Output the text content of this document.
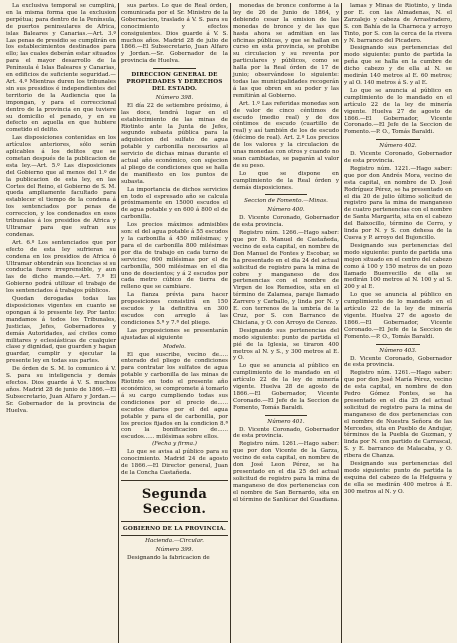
La exclusiva temporal se cumplirá, en la misma forma que la exclusion perpétua; para dentro de la Península, de puertos peninsulares de Africa, islas Baleares y Canarias.—Art. 3.º Las penas de presidio se cumplirán en los establecimientos destinados para ello; las cuales deberán estar situados para el mayor desarrollo de la Península é Islas Baleares y Canarias, en edificios de suficiente seguridad.—Art. 4.º Mientras duren los tribunales sin sus presidios é independientes del territorio de la Audiencia que la impongan, y para el correccional dentro de la provincia en que tuviere su domicilio el penado, y en su defecto en aquella en que hubiere cometido el delito.

Las disposiciones contenidas en los artículos anteriores, sólo serán aplicables á los delitos que se cometan después de la publicacion de esta ley.—Art. 5.º Las disposiciones del Gobierno que al menos del 1.º de la publicacion de esta ley, en las Cortes del Reino, el Gobierno de S. M. queda ampliamente facultado para establecer el tiempo de la condena á los sentenciados por penas de correccion, y los condenados en esos tribunales á los presidios de Africa y Ultramar para que sufran sus condenas.

Art. 6.º Los sentenciados que por efecto de esta ley sufrieran su condena en los presidios de Africa ó Ultramar obtendrán sus licencias si su conducta fuere irreprensible, y aun las de dicho mando.—Art. 7.º El Gobierno podrá utilizar el trabajo de los sentenciados á trabajos públicos.

Quedan derogadas todas las disposiciones vigentes en cuanto se opongan á lo presente ley. Por tanto: mandamos á todos los Tribunales, Justicias, Jefes, Gobernadores y demás Autoridades, así civiles como militares y eclesiásticas de cualquier clase y dignidad, que guarden y hagan guardar, cumplir y ejecutar la presente ley en todas sus partes.

De órden de S. M. lo comunico á V. S. para su inteligencia y demás efectos. Dios guarde á V. S. muchos años. Madrid 28 de junio de 1866.—El Subsecretario, Juan Alfaro y Jordan.—Sr. Gobernador de la provincia de Huelva.

sus partes. Lo que de Real órden, comunicada por el Sr. Ministro de la Gobernacion, traslado á V. S. para su conocimiento y efectos consiguientes. Dios guarde á V. S. muchos años. Madrid 28 de julio de 1866.—El Subsecretario, Juan Alfaro y Jordan.—Sr. Gobernador de la provincia de Huelva.

DIRECCION GENERAL DE PROPIEDADES Y DERECHOS DEL ESTADO.

Número 398.

El día 22 de setiembre próximo, á las doce, tendrá lugar en el establecimiento de las minas de Riotinto ante la Junta de Jefes, segundo subasta pública para la adquisicion del sulfato de agua potable y carbonilla necesarios al servicio de dichas minas durante el actual año económico, con sujecion al pliego de condiciones que se halla de manifiesto en los puntos de subasta.

La importancia de dichos servicios en todo el espresado año se calcula próximamente en 15000 escudos el de agua potable y en 600 á 800 el de carbonilla.

Los precios máximos admisibles son: el del agua potable á 55 escudos y la carbonilla á 450 milésimas; y para el de carbonilla 800 milésimas por dia de trabajo en cada turno de servicios; 600 milésimas por el de carbonilla, 500 milésimas en el dia uno de doscientos; y á 2 escudos por cada metro cúbico de tierra de relleno que se cambiare.

La fianza prévia para hacer proposiciones consistirá en 150 escudos y la definitiva en 300 escudos con arreglo á las condiciones 5.ª y 7.ª del pliego.

Las proposiciones se presentarán ajustadas al siguiente

Modelo.

El que suscribe, vecino de..... enterado del pliego de condiciones para contratar los sulfatos de agua potable y carbonilla de las minas de Riotinto en todo el presente año económico, se compromete á tomarlo á su cargo cumpliendo todas sus condiciones por el precio de...... escudos diarios por el del agua potable y para el de carbonilla, por los precios fijados en la condicion 8.ª con la bonificacion de...... escudos...... milésimas sobre ellos.

(Fecha y firma.)

Lo que se avisa al público para su conocimiento. Madrid 24 de agosto de 1866.—El Director general, Juan de la Concha Castañeda.

Segunda Seccion.

GOBIERNO DE LA PROVINCIA.

Hacienda.—Circular.

Número 399.

Designando la fabricacion de

monedas de bronce conforme á la ley de 26 de Junio de 1864, y debiendo cesar la emision de las monedas de bronce y de las que hasta ahora se admitian en las oficinas públicas, y que se hallan en curso en esta provincia, se prohibe su circulacion y su reventa por particulares y públicos, como se halla por la Real órden de 17 de junio; observándose lo siguiente: todas las municipalidades recogerán á las que obren en su poder y las remitirán al Gobierno.

Art. 1.º Las referidas monedas son de valor de cinco céntimos de escudo (medio real) y de dos céntimos de escudo (cuartillo de real) y así también de los de escudo (décimo de real). Art. 2.º Los precios de los valores y la circulacion de unas monedas con otros y cuando no sean cambiadas, se pagarán al valor de su peso.

Lo que se dispone en cumplimiento de la Real órden y demás disposiciones.

Seccion de Fomento.—Minas.

Número 400.

D. Vicente Coronado, Gobernador de esta provincia.

Registro núm. 1266.—Hago saber: que por D. Manuel de Castañeda, vecino de esta capital, en nombre de Don Manuel de Fontes y Escobar, se ha presentado en el dia 24 del actual solicitud de registro para la mina de cobre y manganeso de dos pertenencias con el nombre de Virgen de los Remedios, sita en el término de Zalamea, paraje llamado Zarrero y Carballo, y linda por N. y E. con terrenos de la umbría de la Cruz, por S. con Barranco de Chiclana, y O. con Arroyo de Cerezo.

Designando sus pertenencias del modo siguiente: punto de partida el pié de la Iglesia, se tiraron 400 metros al N. y S., y 300 metros al E. y O.

Lo que se anuncia al público en cumplimiento de lo mandado en el artículo 22 de la ley de minería vigente. Huelva 28 de agosto de 1866.—El Gobernador, Vicente Coronado.—El Jefe de la Seccion de Fomento, Tomás Baraldi.

Número 401.

D. Vicente Coronado, Gobernador de esta provincia.

Registro núm. 1261.—Hago saber: que por don Vicente de la Garza, vecino de esta capital, en nombre de don José Leon Pérez, se ha presentado en el dia 25 del actual solicitud de registro para la mina de manganeso de dos pertenencias con el nombre de San Bernardo, sita en el término de Sanlúcar del Guadiana.

lamas y Minas de Riotinto, y linda por E. con las Almadenas, N. el Zarzalejo y cabeza de Arrastradero, S. con Bahía de la Charneca y arroyo Tinto, por S. con la cerca de la rivera y N. barranco del Picadero.

Designando sus pertenencias del modo siguiente: punto de partida la peña que se halla en la cumbre de dicho cabezo y de ella al N. se medirán 140 metros al E. 60 metros; y al O. 140 metros á S. y al E.

Lo que se anuncia al público en cumplimiento de lo mandado en el artículo 22 de la ley de minería vigente. Huelva 27 de agosto de 1866.—El Gobernador, Vicente Coronado.—El Jefe de la Seccion de Fomento.—P. O., Tomás Baraldi.

Número 402.

D. Vicente Coronado, Gobernador de esta provincia.

Registro núm. 1221.—Hago saber: que por don Andrés Mora, vecino de esta capital, en nombre de D. José Rodríguez Pérez, se ha presentado en el dia 20 de julio último solicitud de registro para la mina de manganeso de cuatro pertenencias con el nombre de Santa Margarita, sita en el cabezo del Baixocillo, término de Cerro, y linda por N. y S. con dehesa de la Cueva y P. arroyo del Bujoncillo.

Designando sus pertenencias del modo siguiente: punto de partida una mojon situado en el centro del cabezo como á 100 y 150 metros de un pozo llamado Buenvecillo de ella se medirán 100 metros al N. 100 y al S. 200 y al E.

Lo que se anuncia al público en cumplimiento de lo mandado en el artículo 22 de la ley de minería vigente. Huelva 27 de agosto de 1866.—El Gobernador, Vicente Coronado.—El Jefe de la Seccion de Fomento.—P. O., Tomás Baraldi.

Número 403.

D. Vicente Coronado, Gobernador de esta provincia.

Registro núm. 1261.—Hago saber: que por don José María Pérez, vecino de esta capital, en nombre de don Pedro Gómez Fontes, se ha presentado en el dia 25 del actual solicitud de registro para la mina de manganeso de dos pertenencias con el nombre de Nuestra Señora de las Mercedes, sita en Pueblo de Andujar, términos de la Puebla de Guzman, y linda por N. con partido de Carrascal, S. y E. barranco de Malacaba, y O. ribera de Chanza.

Designando sus pertenencias del modo siguiente: punto de partida la esquina del cabezo de la Helguera y de ella se medirán 400 metros á E. 300 metros al N. y O.
